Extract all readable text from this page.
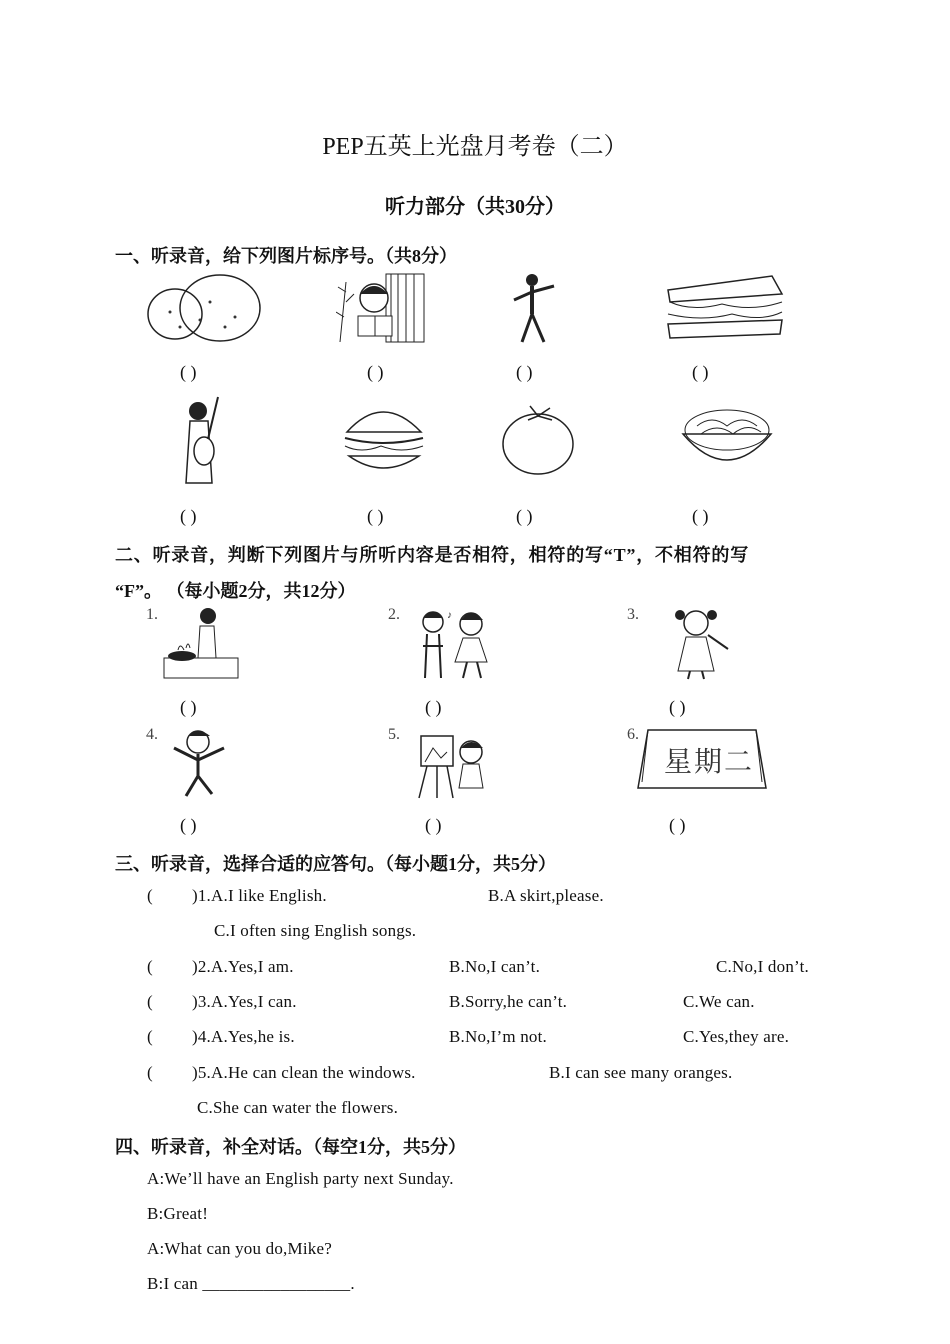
PEP五英上光盘月考卷（二）
听力部分（共30分）
一、听录音，给下列图片标序号。（共8分）
( )	( )	( )	( )
( )	( )	( )	( )
二、听录音，判断下列图片与所听内容是否相符，相符的写“T”，不相符的写
“F”。 （每小题2分，共12分）
1.	2.	3.
♪
( )	( )	( )
4.	5.	6.
星期二
( )	( )	( )
三、听录音，选择合适的应答句。（每小题1分，共5分）
( )1.A.I like English.	B.A skirt,please.
C.I often sing English songs.
( )2.A.Yes,I am.	B.No,I can’t.	C.No,I don’t.
( )3.A.Yes,I can.	B.Sorry,he can’t.	C.We can.
( )4.A.Yes,he is.	B.No,I’m not.	C.Yes,they are.
( )5.A.He can clean the windows.	B.I can see many oranges.
C.She can water the flowers.
四、听录音，补全对话。（每空1分，共5分）
A:We’ll have an English party next Sunday.
B:Great!
A:What can you do,Mike?
B:I can _________________.
